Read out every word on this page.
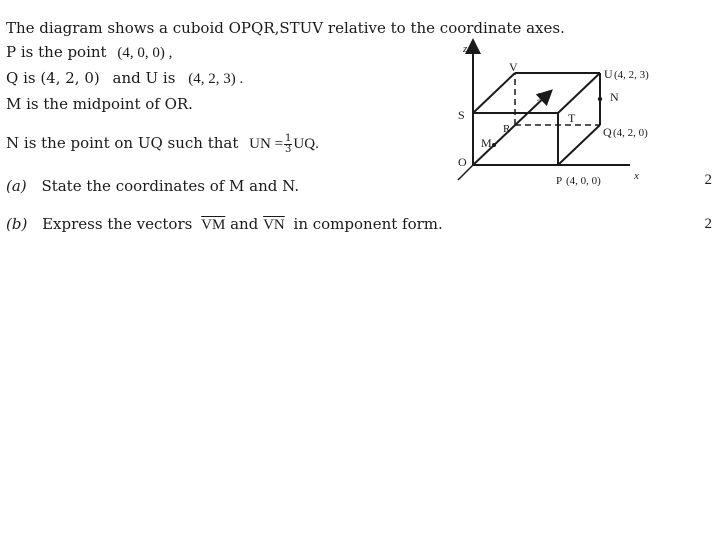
The diagram shows a cuboid OPQR,STUV relative to the coordinate axes.
P is the point (4, 0, 0) ,
Q is (4, 2, 0) and U is (4, 2, 3) .
M is the midpoint of OR.
N is the point on UQ such that UN = $\frac{1}{3}$ UQ.
(a) State the coordinates of M and N.	2
(b) Express the vectors $\overline{VM}$ and $\overline{VN}$ in component form.	2
z
y
x
V	U (4, 2, 3)
N
S	T
R
M
Q (4, 2, 0)
O
P (4, 0, 0)
